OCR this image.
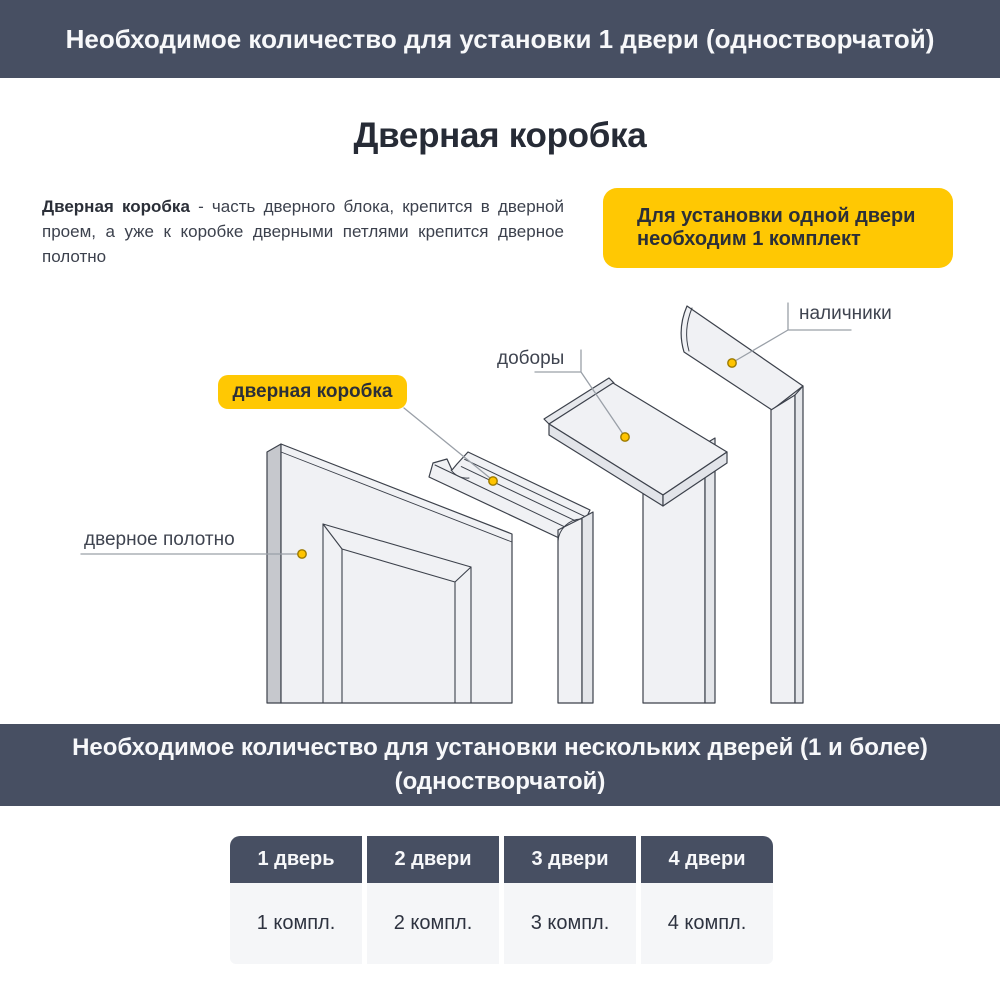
Необходимое количество для установки 1 двери (одностворчатой)
Дверная коробка
Дверная коробка - часть дверного блока, крепится в дверной проем, а уже к коробке дверными петлями крепится дверное полотно
Для установки одной двери
необходим 1 комплект
дверное полотно
дверная коробка
доборы
наличники
Необходимое количество для установки нескольких дверей (1 и более)
(одностворчатой)
1 дверь	2 двери	3 двери	4 двери
1 компл.	2 компл.	3 компл.	4 компл.
